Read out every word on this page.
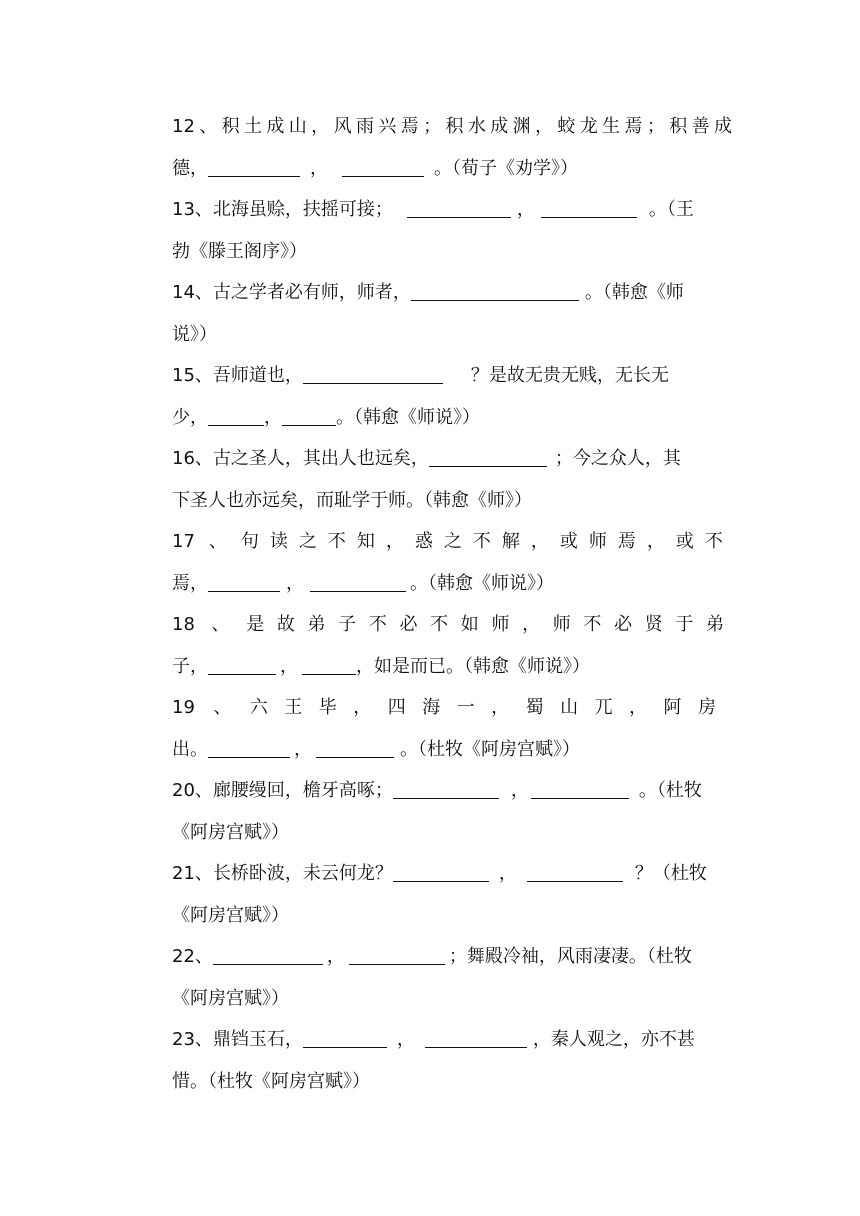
12、积土成山，风雨兴焉；积水成渊，蛟龙生焉；积善成
德，	，	。（荀子《劝学》）
13、北海虽赊，扶摇可接；	，	。（王
勃《滕王阁序》）
14、古之学者必有师，师者，	。（韩愈《师
说》）
15、吾师道也，	？是故无贵无贱，无长无
少，	，	。（韩愈《师说》）
16、古之圣人，其出人也远矣，	；今之众人，其
下圣人也亦远矣，而耻学于师。（韩愈《师》）
17 、 句读之不知，惑之不解，或师焉，或不
焉，	，	。（韩愈《师说》）
18 、 是故弟子不必不如师，师不必贤于弟
子，	，	，如是而已。（韩愈《师说》）
19 、 六王毕，四海一，蜀山兀，阿房
出。	，	。（杜牧《阿房宫赋》）
20、廊腰缦回，檐牙高啄；	，	。（杜牧
《阿房宫赋》）
21、长桥卧波，未云何龙？	，	？（杜牧
《阿房宫赋》）
22、	，	；舞殿冷袖，风雨凄凄。（杜牧
《阿房宫赋》）
23、鼎铛玉石，	，	，秦人观之，亦不甚
惜。（杜牧《阿房宫赋》）
